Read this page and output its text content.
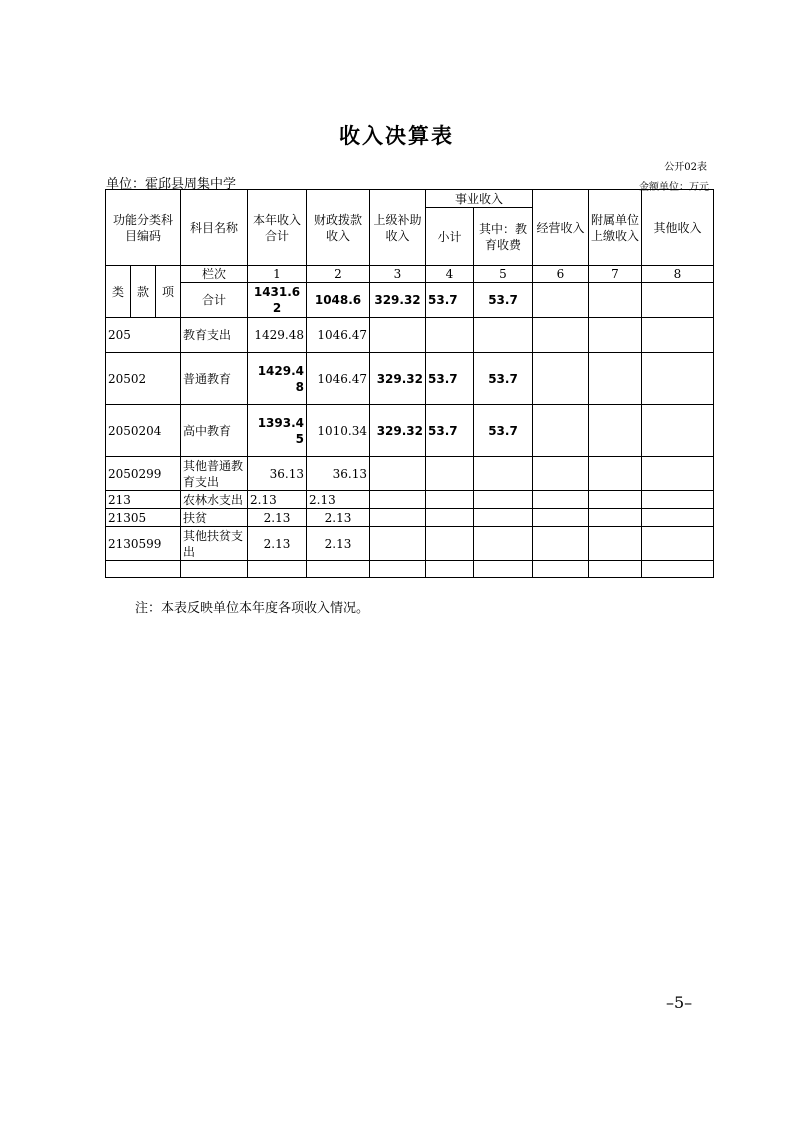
收入决算表
公开02表
单位：霍邱县周集中学	金额单位：万元
功能分类科目编码			科目名称	本年收入合计	财政拨款收入	上级补助收入	事业收入		经营收入	附属单位上缴收入	其他收入
							小计	其中：教育收费			
类	款	项	栏次	1	2	3	4	5	6	7	8
			合计	1431.62	1048.6	329.32	53.7	53.7			
205			教育支出	1429.48	1046.47						
20502			普通教育	1429.48	1046.47	329.32	53.7	53.7			
2050204			高中教育	1393.45	1010.34	329.32	53.7	53.7			
2050299			其他普通教育支出	36.13	36.13						
213			农林水支出	2.13	2.13						
21305			扶贫	2.13	2.13						
2130599			其他扶贫支出	2.13	2.13						

注：本表反映单位本年度各项收入情况。
–5–
